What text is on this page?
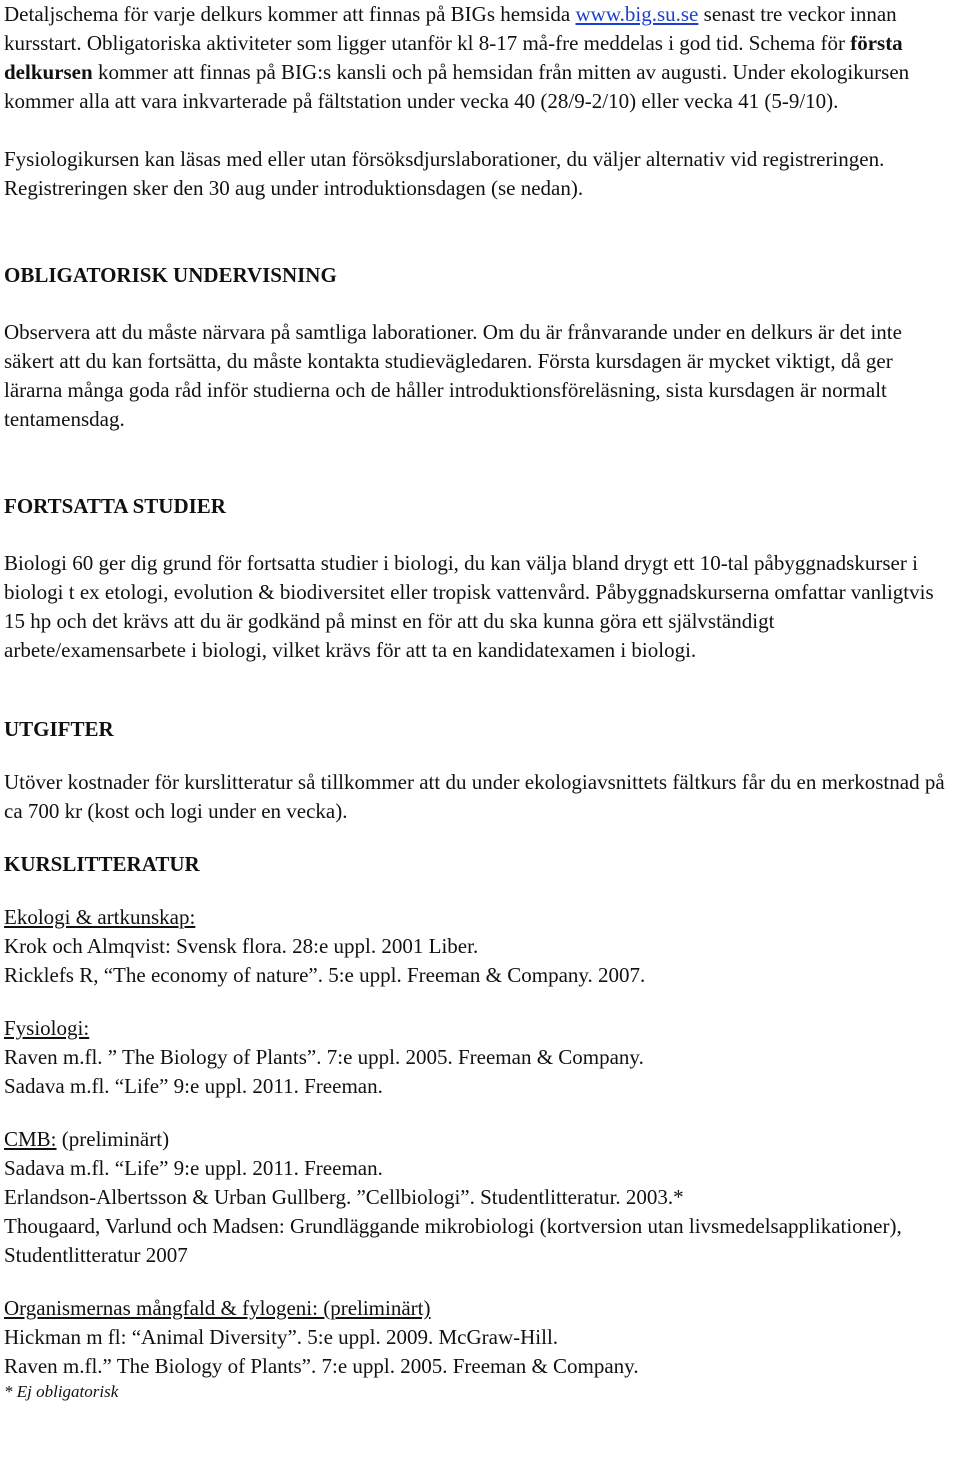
Detaljschema för varje delkurs kommer att finnas på BIGs hemsida www.big.su.se senast tre veckor innan kursstart. Obligatoriska aktiviteter som ligger utanför kl 8-17 må-fre meddelas i god tid. Schema för första delkursen kommer att finnas på BIG:s kansli och på hemsidan från mitten av augusti. Under ekologikursen kommer alla att vara inkvarterade på fältstation under vecka 40 (28/9-2/10) eller vecka 41 (5-9/10).

Fysiologikursen kan läsas med eller utan försöksdjurslaborationer, du väljer alternativ vid registreringen. Registreringen sker den 30 aug under introduktionsdagen (se nedan).

OBLIGATORISK UNDERVISNING

Observera att du måste närvara på samtliga laborationer. Om du är frånvarande under en delkurs är det inte säkert att du kan fortsätta, du måste kontakta studievägledaren. Första kursdagen är mycket viktigt, då ger lärarna många goda råd inför studierna och de håller introduktionsföreläsning, sista kursdagen är normalt tentamensdag.

FORTSATTA STUDIER

Biologi 60 ger dig grund för fortsatta studier i biologi, du kan välja bland drygt ett 10-tal påbyggnadskurser i biologi t ex etologi, evolution & biodiversitet eller tropisk vattenvård. Påbyggnadskurserna omfattar vanligtvis 15 hp och det krävs att du är godkänd på minst en för att du ska kunna göra ett självständigt arbete/examensarbete i biologi, vilket krävs för att ta en kandidatexamen i biologi.

UTGIFTER

Utöver kostnader för kurslitteratur så tillkommer att du under ekologiavsnittets fältkurs får du en merkostnad på ca 700 kr (kost och logi under en vecka).

KURSLITTERATUR

Ekologi & artkunskap:

Krok och Almqvist: Svensk flora. 28:e uppl. 2001 Liber.

Ricklefs R, “The economy of nature”. 5:e uppl. Freeman & Company. 2007.

Fysiologi:

Raven m.fl. ” The Biology of Plants”. 7:e uppl. 2005. Freeman & Company.

Sadava m.fl. “Life” 9:e uppl. 2011. Freeman.

CMB: (preliminärt)

Sadava m.fl. “Life” 9:e uppl. 2011. Freeman.

Erlandson-Albertsson & Urban Gullberg. ”Cellbiologi”. Studentlitteratur. 2003.*

Thougaard, Varlund och Madsen: Grundläggande mikrobiologi (kortversion utan livsmedelsapplikationer), Studentlitteratur 2007

Organismernas mångfald & fylogeni: (preliminärt)

Hickman m fl: “Animal Diversity”. 5:e uppl. 2009. McGraw-Hill.

Raven m.fl.” The Biology of Plants”. 7:e uppl. 2005. Freeman & Company.

* Ej obligatorisk
